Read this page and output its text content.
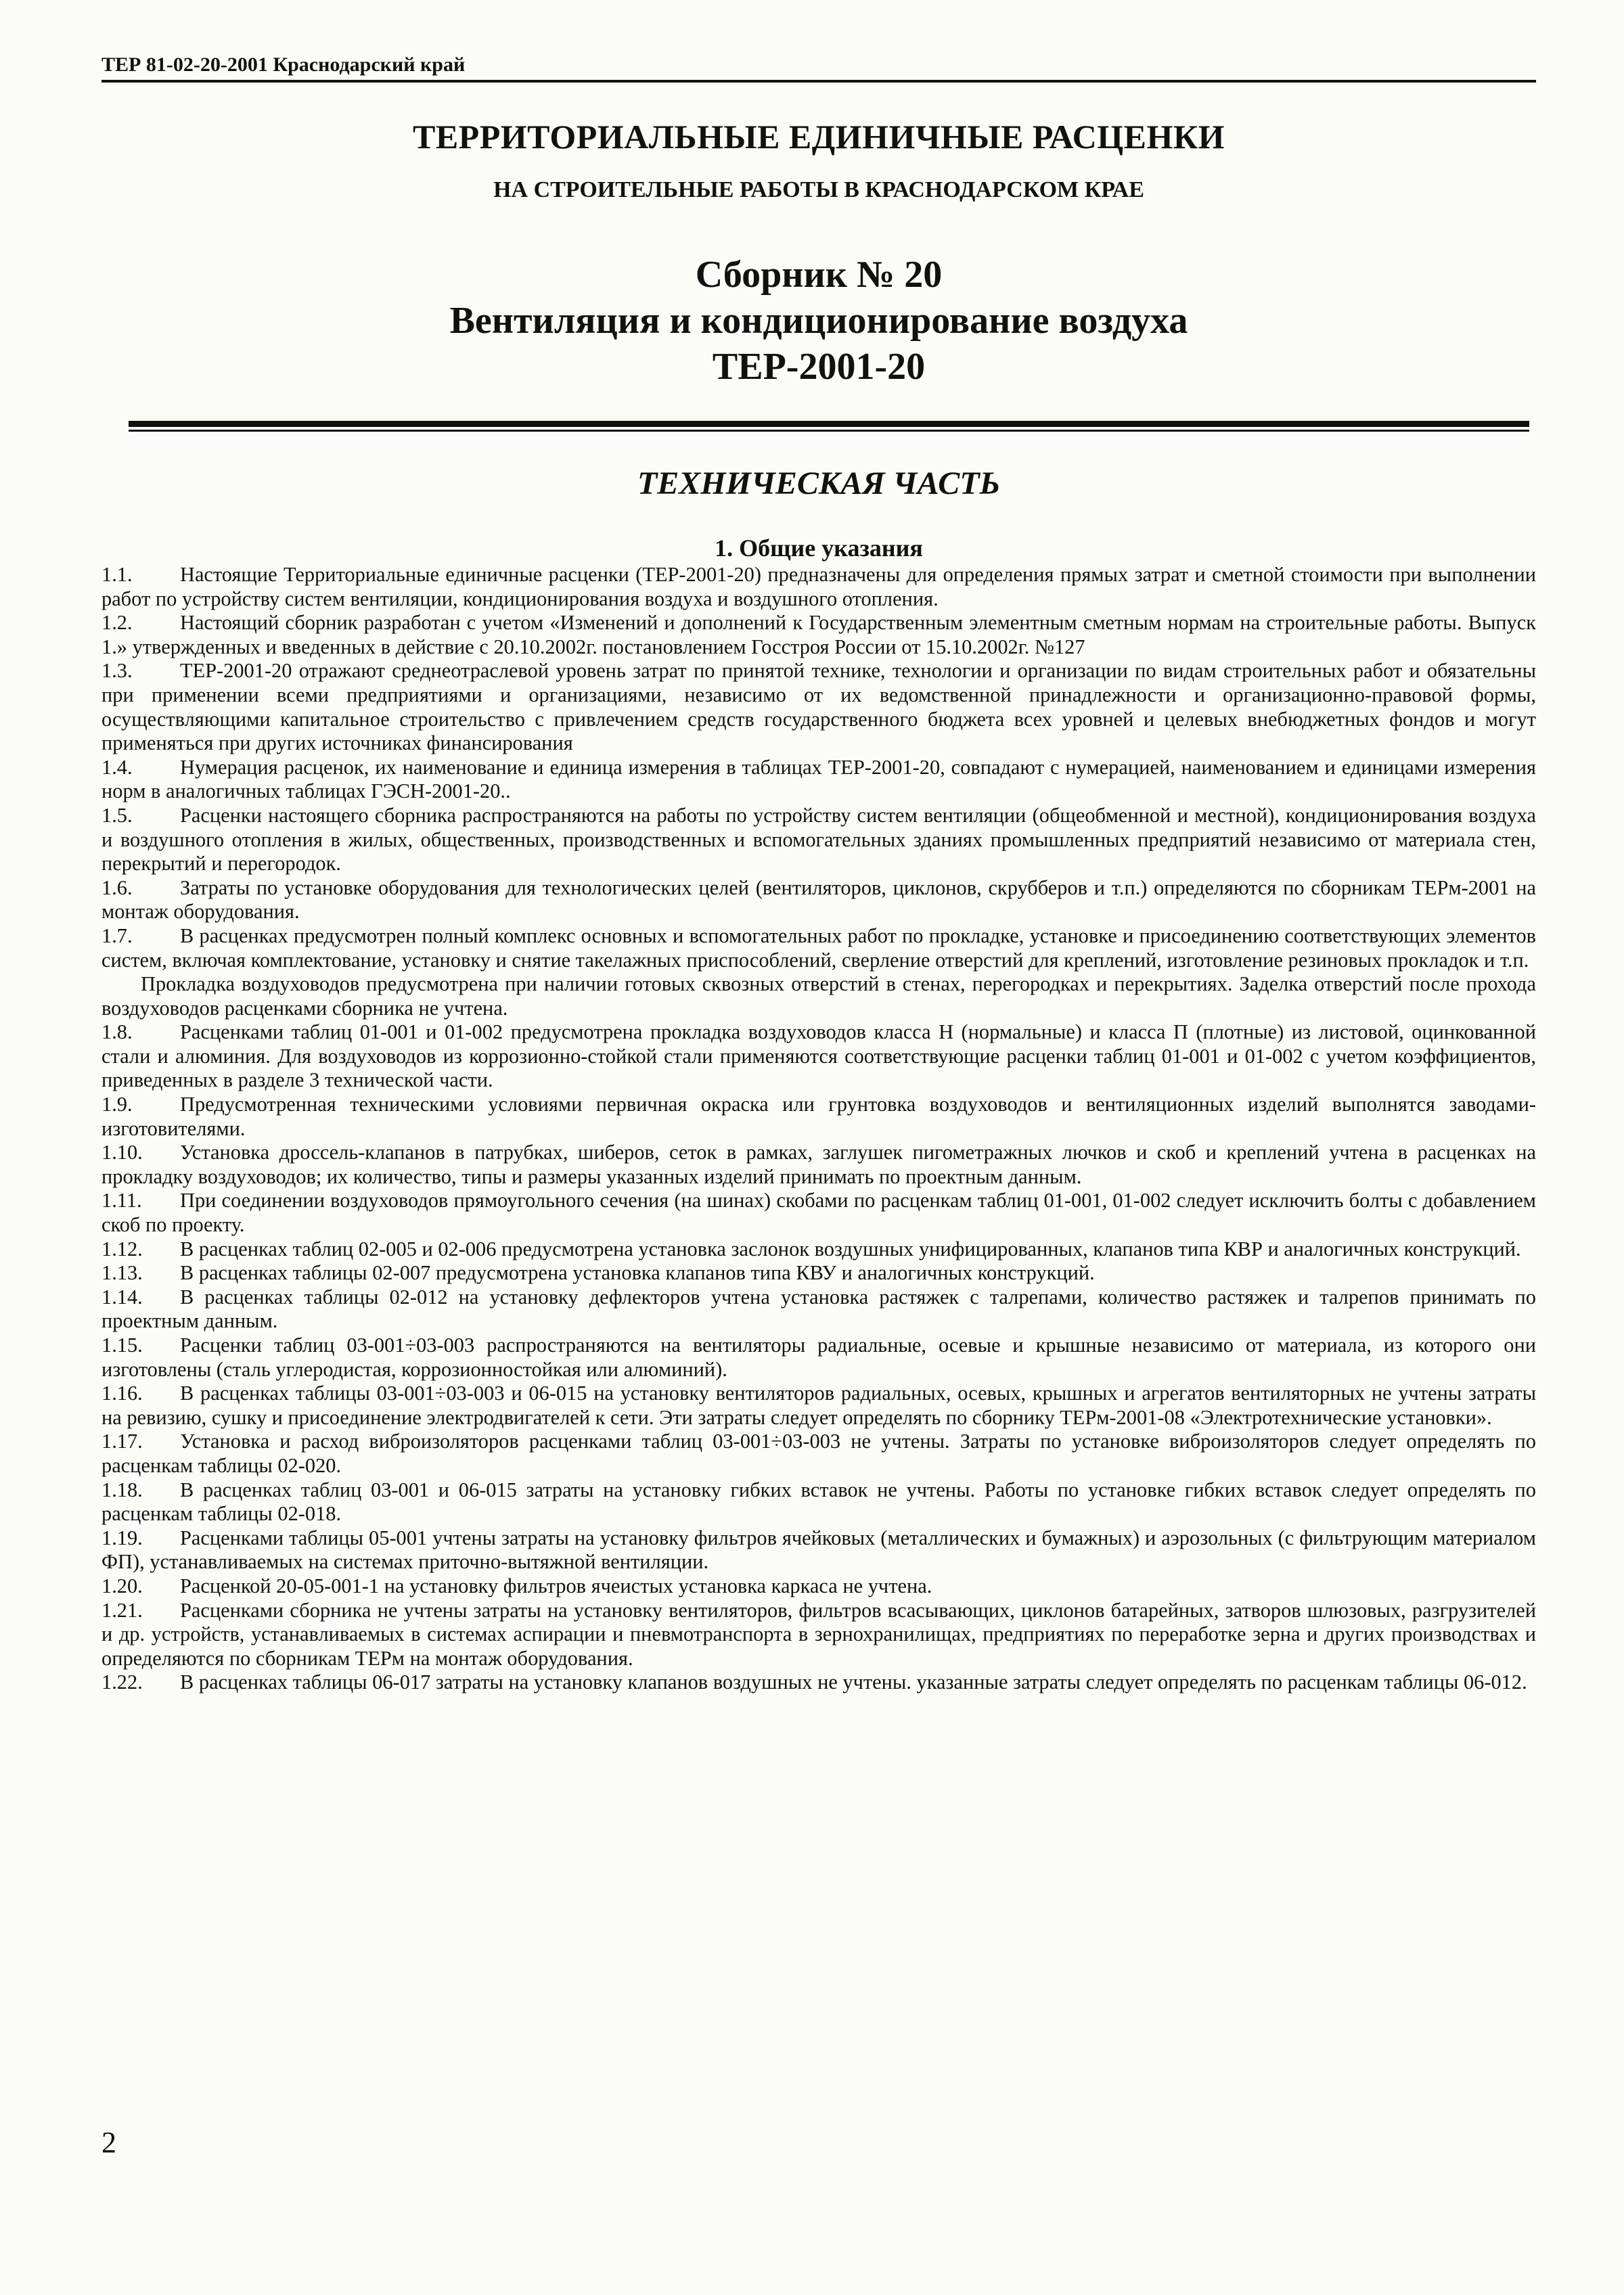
ТЕР 81-02-20-2001 Краснодарский край
ТЕРРИТОРИАЛЬНЫЕ ЕДИНИЧНЫЕ РАСЦЕНКИ
НА СТРОИТЕЛЬНЫЕ РАБОТЫ В КРАСНОДАРСКОМ КРАЕ
Сборник № 20
Вентиляция и кондиционирование воздуха
ТЕР-2001-20
ТЕХНИЧЕСКАЯ ЧАСТЬ
1. Общие указания
1.1. Настоящие Территориальные единичные расценки (ТЕР-2001-20) предназначены для определения прямых затрат и сметной стоимости при выполнении работ по устройству систем вентиляции, кондиционирования воздуха и воздушного отопления.
1.2. Настоящий сборник разработан с учетом «Изменений и дополнений к Государственным элементным сметным нормам на строительные работы. Выпуск 1.» утвержденных и введенных в действие с 20.10.2002г. постановлением Госстроя России от 15.10.2002г. №127
1.3. ТЕР-2001-20 отражают среднеотраслевой уровень затрат по принятой технике, технологии и организации по видам строительных работ и обязательны при применении всеми предприятиями и организациями, независимо от их ведомственной принадлежности и организационно-правовой формы, осуществляющими капитальное строительство с привлечением средств государственного бюджета всех уровней и целевых внебюджетных фондов и могут применяться при других источниках финансирования
1.4. Нумерация расценок, их наименование и единица измерения в таблицах ТЕР-2001-20, совпадают с нумерацией, наименованием и единицами измерения норм в аналогичных таблицах ГЭСН-2001-20..
1.5. Расценки настоящего сборника распространяются на работы по устройству систем вентиляции (общеобменной и местной), кондиционирования воздуха и воздушного отопления в жилых, общественных, производственных и вспомогательных зданиях промышленных предприятий независимо от материала стен, перекрытий и перегородок.
1.6. Затраты по установке оборудования для технологических целей (вентиляторов, циклонов, скрубберов и т.п.) определяются по сборникам ТЕРм-2001 на монтаж оборудования.
1.7. В расценках предусмотрен полный комплекс основных и вспомогательных работ по прокладке, установке и присоединению соответствующих элементов систем, включая комплектование, установку и снятие такелажных приспособлений, сверление отверстий для креплений, изготовление резиновых прокладок и т.п.
Прокладка воздуховодов предусмотрена при наличии готовых сквозных отверстий в стенах, перегородках и перекрытиях. Заделка отверстий после прохода воздуховодов расценками сборника не учтена.
1.8. Расценками таблиц 01-001 и 01-002 предусмотрена прокладка воздуховодов класса Н (нормальные) и класса П (плотные) из листовой, оцинкованной стали и алюминия. Для воздуховодов из коррозионно-стойкой стали применяются соответствующие расценки таблиц 01-001 и 01-002 с учетом коэффициентов, приведенных в разделе 3 технической части.
1.9. Предусмотренная техническими условиями первичная окраска или грунтовка воздуховодов и вентиляционных изделий выполнятся заводами-изготовителями.
1.10. Установка дроссель-клапанов в патрубках, шиберов, сеток в рамках, заглушек пигометражных лючков и скоб и креплений учтена в расценках на прокладку воздуховодов; их количество, типы и размеры указанных изделий принимать по проектным данным.
1.11. При соединении воздуховодов прямоугольного сечения (на шинах) скобами по расценкам таблиц 01-001, 01-002 следует исключить болты с добавлением скоб по проекту.
1.12. В расценках таблиц 02-005 и 02-006 предусмотрена установка заслонок воздушных унифицированных, клапанов типа КВР и аналогичных конструкций.
1.13. В расценках таблицы 02-007 предусмотрена установка клапанов типа КВУ и аналогичных конструкций.
1.14. В расценках таблицы 02-012 на установку дефлекторов учтена установка растяжек с талрепами, количество растяжек и талрепов принимать по проектным данным.
1.15. Расценки таблиц 03-001÷03-003 распространяются на вентиляторы радиальные, осевые и крышные независимо от материала, из которого они изготовлены (сталь углеродистая, коррозионностойкая или алюминий).
1.16. В расценках таблицы 03-001÷03-003 и 06-015 на установку вентиляторов радиальных, осевых, крышных и агрегатов вентиляторных не учтены затраты на ревизию, сушку и присоединение электродвигателей к сети. Эти затраты следует определять по сборнику ТЕРм-2001-08 «Электротехнические установки».
1.17. Установка и расход виброизоляторов расценками таблиц 03-001÷03-003 не учтены. Затраты по установке виброизоляторов следует определять по расценкам таблицы 02-020.
1.18. В расценках таблиц 03-001 и 06-015 затраты на установку гибких вставок не учтены. Работы по установке гибких вставок следует определять по расценкам таблицы 02-018.
1.19. Расценками таблицы 05-001 учтены затраты на установку фильтров ячейковых (металлических и бумажных) и аэрозольных (с фильтрующим материалом ФП), устанавливаемых на системах приточно-вытяжной вентиляции.
1.20. Расценкой 20-05-001-1 на установку фильтров ячеистых установка каркаса не учтена.
1.21. Расценками сборника не учтены затраты на установку вентиляторов, фильтров всасывающих, циклонов батарейных, затворов шлюзовых, разгрузителей и др. устройств, устанавливаемых в системах аспирации и пневмотранспорта в зернохранилищах, предприятиях по переработке зерна и других производствах и определяются по сборникам ТЕРм на монтаж оборудования.
1.22. В расценках таблицы 06-017 затраты на установку клапанов воздушных не учтены. указанные затраты следует определять по расценкам таблицы 06-012.
2
